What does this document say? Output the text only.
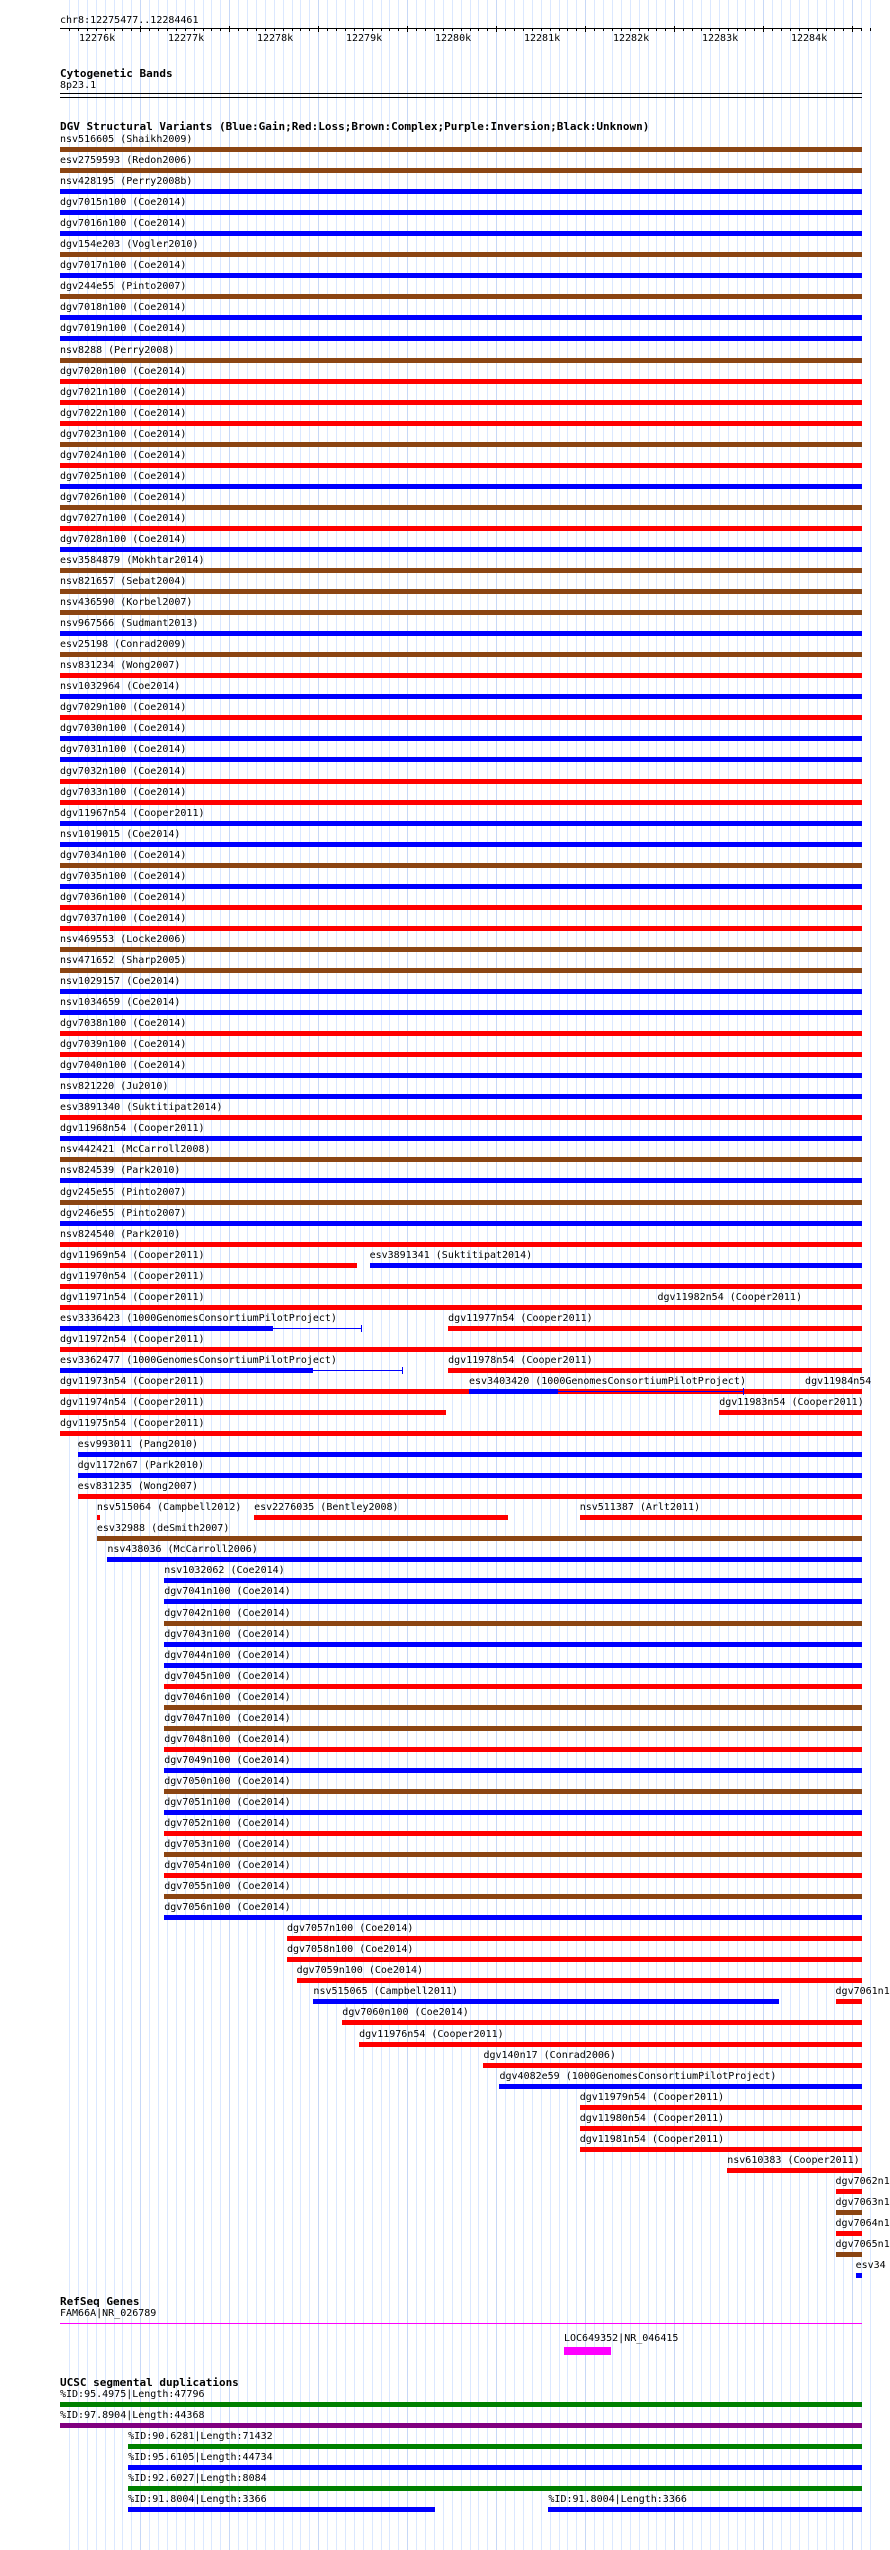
chr8:12275477..12284461
12276k	12277k	12278k	12279k	12280k	12281k	12282k	12283k	12284k
Cytogenetic Bands
8p23.1
DGV Structural Variants (Blue:Gain;Red:Loss;Brown:Complex;Purple:Inversion;Black:Unknown)
nsv516605 (Shaikh2009)
esv2759593 (Redon2006)
nsv428195 (Perry2008b)
dgv7015n100 (Coe2014)
dgv7016n100 (Coe2014)
dgv154e203 (Vogler2010)
dgv7017n100 (Coe2014)
dgv244e55 (Pinto2007)
dgv7018n100 (Coe2014)
dgv7019n100 (Coe2014)
nsv8288 (Perry2008)
dgv7020n100 (Coe2014)
dgv7021n100 (Coe2014)
dgv7022n100 (Coe2014)
dgv7023n100 (Coe2014)
dgv7024n100 (Coe2014)
dgv7025n100 (Coe2014)
dgv7026n100 (Coe2014)
dgv7027n100 (Coe2014)
dgv7028n100 (Coe2014)
esv3584879 (Mokhtar2014)
nsv821657 (Sebat2004)
nsv436590 (Korbel2007)
nsv967566 (Sudmant2013)
esv25198 (Conrad2009)
nsv831234 (Wong2007)
nsv1032964 (Coe2014)
dgv7029n100 (Coe2014)
dgv7030n100 (Coe2014)
dgv7031n100 (Coe2014)
dgv7032n100 (Coe2014)
dgv7033n100 (Coe2014)
dgv11967n54 (Cooper2011)
nsv1019015 (Coe2014)
dgv7034n100 (Coe2014)
dgv7035n100 (Coe2014)
dgv7036n100 (Coe2014)
dgv7037n100 (Coe2014)
nsv469553 (Locke2006)
nsv471652 (Sharp2005)
nsv1029157 (Coe2014)
nsv1034659 (Coe2014)
dgv7038n100 (Coe2014)
dgv7039n100 (Coe2014)
dgv7040n100 (Coe2014)
nsv821220 (Ju2010)
esv3891340 (Suktitipat2014)
dgv11968n54 (Cooper2011)
nsv442421 (McCarroll2008)
nsv824539 (Park2010)
dgv245e55 (Pinto2007)
dgv246e55 (Pinto2007)
nsv824540 (Park2010)
dgv11969n54 (Cooper2011)	esv3891341 (Suktitipat2014)
dgv11970n54 (Cooper2011)
dgv11971n54 (Cooper2011)	dgv11982n54 (Cooper2011)
esv3336423 (1000GenomesConsortiumPilotProject)	dgv11977n54 (Cooper2011)
dgv11972n54 (Cooper2011)
esv3362477 (1000GenomesConsortiumPilotProject)	dgv11978n54 (Cooper2011)
dgv11973n54 (Cooper2011)	esv3403420 (1000GenomesConsortiumPilotProject)	dgv11984n54
dgv11974n54 (Cooper2011)	dgv11983n54 (Cooper2011)
dgv11975n54 (Cooper2011)
esv993011 (Pang2010)
dgv1172n67 (Park2010)
esv831235 (Wong2007)
nsv515064 (Campbell2012) esv2276035 (Bentley2008)	nsv511387 (Arlt2011)
esv32988 (deSmith2007)
nsv438036 (McCarroll2006)
nsv1032062 (Coe2014)
dgv7041n100 (Coe2014)
dgv7042n100 (Coe2014)
dgv7043n100 (Coe2014)
dgv7044n100 (Coe2014)
dgv7045n100 (Coe2014)
dgv7046n100 (Coe2014)
dgv7047n100 (Coe2014)
dgv7048n100 (Coe2014)
dgv7049n100 (Coe2014)
dgv7050n100 (Coe2014)
dgv7051n100 (Coe2014)
dgv7052n100 (Coe2014)
dgv7053n100 (Coe2014)
dgv7054n100 (Coe2014)
dgv7055n100 (Coe2014)
dgv7056n100 (Coe2014)
dgv7057n100 (Coe2014)
dgv7058n100 (Coe2014)
dgv7059n100 (Coe2014)
nsv515065 (Campbell2011)	dgv7061n1
dgv7060n100 (Coe2014)
dgv11976n54 (Cooper2011)
dgv140n17 (Conrad2006)
dgv4082e59 (1000GenomesConsortiumPilotProject)
dgv11979n54 (Cooper2011)
dgv11980n54 (Cooper2011)
dgv11981n54 (Cooper2011)
nsv610383 (Cooper2011)
dgv7062n1
dgv7063n1
dgv7064n1
dgv7065n1
esv34
RefSeq Genes
FAM66A|NR_026789
LOC649352|NR_046415
UCSC segmental duplications
%ID:95.4975|Length:47796
%ID:97.8904|Length:44368
%ID:90.6281|Length:71432
%ID:95.6105|Length:44734
%ID:92.6027|Length:8084
%ID:91.8004|Length:3366	%ID:91.8004|Length:3366
